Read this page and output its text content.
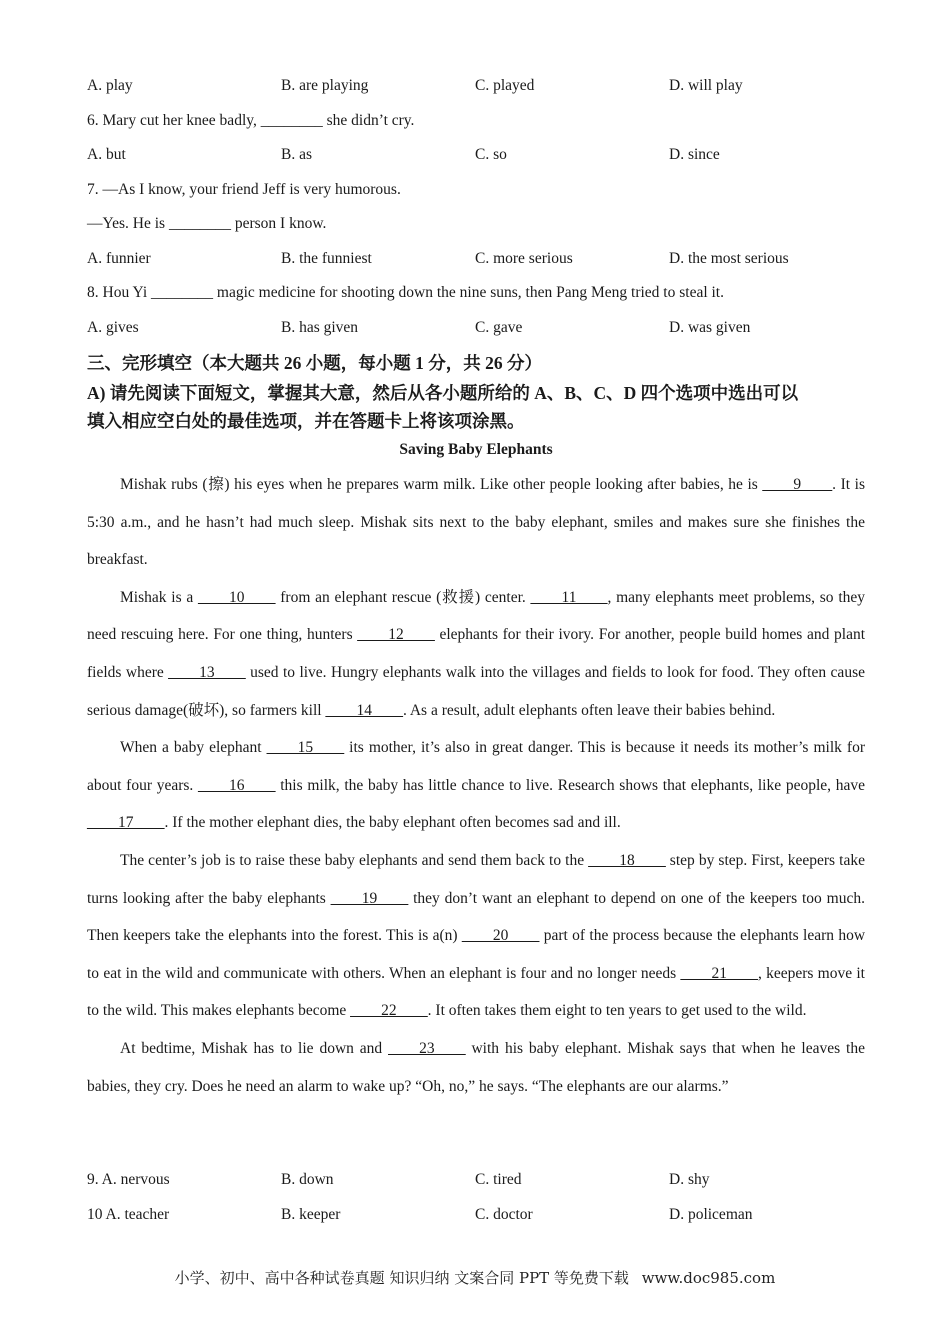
A. play	B. are playing	C. played	D. will play
6. Mary cut her knee badly, ________ she didn’t cry.
A. but	B. as	C. so	D. since
7. —As I know, your friend Jeff is very humorous.
—Yes. He is ________ person I know.
A. funnier	B. the funniest	C. more serious	D. the most serious
8. Hou Yi ________ magic medicine for shooting down the nine suns, then Pang Meng tried to steal it.
A. gives	B. has given	C. gave	D. was given
三、完形填空（本大题共 26 小题，每小题 1 分，共 26 分）
A) 请先阅读下面短文，掌握其大意，然后从各小题所给的 A、B、C、D 四个选项中选出可以
填入相应空白处的最佳选项，并在答题卡上将该项涂黑。
Saving Baby Elephants

Mishak rubs (擦) his eyes when he prepares warm milk. Like other people looking after babies, he is ____9____. It is 5:30 a.m., and he hasn’t had much sleep. Mishak sits next to the baby elephant, smiles and makes sure she finishes the breakfast.

Mishak is a ____10____ from an elephant rescue (救援) center. ____11____, many elephants meet problems, so they need rescuing here. For one thing, hunters ____12____ elephants for their ivory. For another, people build homes and plant fields where ____13____ used to live. Hungry elephants walk into the villages and fields to look for food. They often cause serious damage(破坏), so farmers kill ____14____. As a result, adult elephants often leave their babies behind.

When a baby elephant ____15____ its mother, it’s also in great danger. This is because it needs its mother’s milk for about four years. ____16____ this milk, the baby has little chance to live. Research shows that elephants, like people, have ____17____. If the mother elephant dies, the baby elephant often becomes sad and ill.

The center’s job is to raise these baby elephants and send them back to the ____18____ step by step. First, keepers take turns looking after the baby elephants ____19____ they don’t want an elephant to depend on one of the keepers too much. Then keepers take the elephants into the forest. This is a(n) ____20____ part of the process because the elephants learn how to eat in the wild and communicate with others. When an elephant is four and no longer needs ____21____, keepers move it to the wild. This makes elephants become ____22____. It often takes them eight to ten years to get used to the wild.

At bedtime, Mishak has to lie down and ____23____ with his baby elephant. Mishak says that when he leaves the babies, they cry. Does he need an alarm to wake up? “Oh, no,” he says. “The elephants are our alarms.”

9. A. nervous	B. down	C. tired	D. shy
10 A. teacher	B. keeper	C. doctor	D. policeman
小学、初中、高中各种试卷真题 知识归纳 文案合同 PPT 等免费下载 www.doc985.com
